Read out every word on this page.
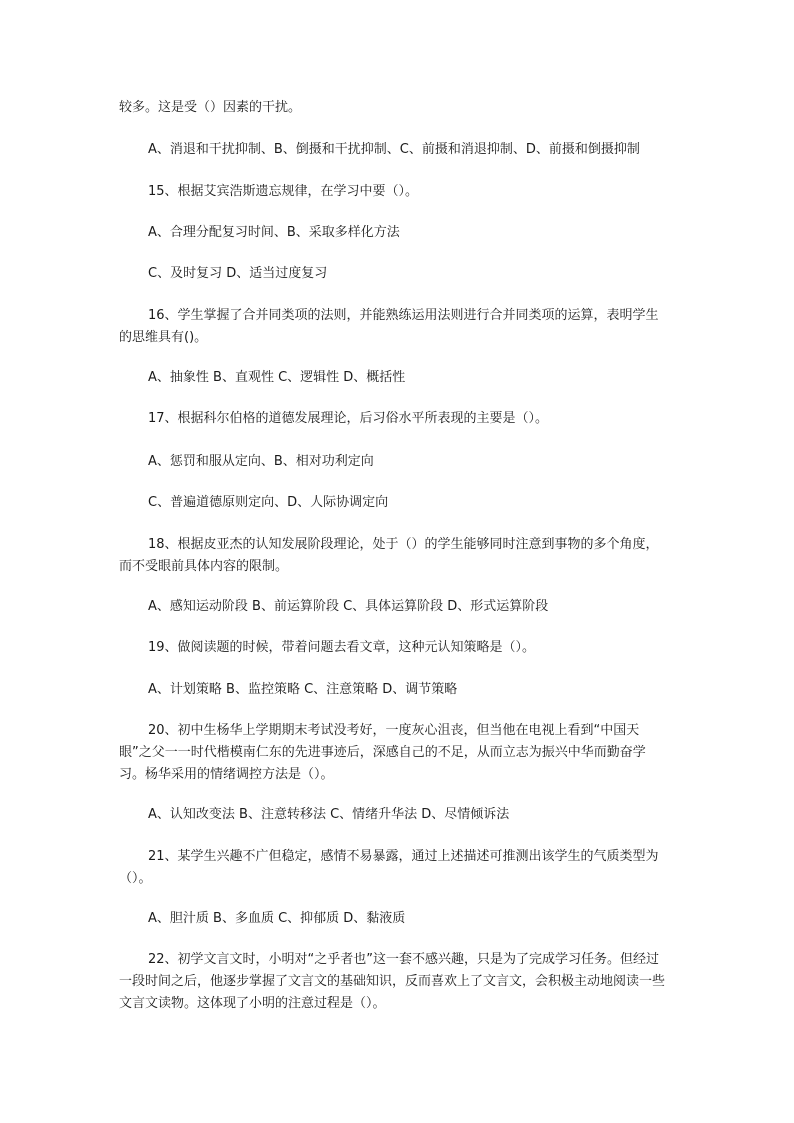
较多。这是受（）因素的干扰。
A、消退和干扰抑制、B、倒摄和干扰抑制、C、前摄和消退抑制、D、前摄和倒摄抑制
15、根据艾宾浩斯遗忘规律，在学习中要（）。
A、合理分配复习时间、B、采取多样化方法
C、及时复习 D、适当过度复习
16、学生掌握了合并同类项的法则，并能熟练运用法则进行合并同类项的运算，表明学生的思维具有()。
A、抽象性 B、直观性 C、逻辑性 D、概括性
17、根据科尔伯格的道德发展理论，后习俗水平所表现的主要是（）。
A、惩罚和服从定向、B、相对功利定向
C、普遍道德原则定向、D、人际协调定向
18、根据皮亚杰的认知发展阶段理论，处于（）的学生能够同时注意到事物的多个角度，而不受眼前具体内容的限制。
A、感知运动阶段 B、前运算阶段 C、具体运算阶段 D、形式运算阶段
19、做阅读题的时候，带着问题去看文章，这种元认知策略是（）。
A、计划策略 B、监控策略 C、注意策略 D、调节策略
20、初中生杨华上学期期末考试没考好，一度灰心沮丧，但当他在电视上看到“中国天眼”之父一一时代楷模南仁东的先进事迹后，深感自己的不足，从而立志为振兴中华而勤奋学习。杨华采用的情绪调控方法是（）。
A、认知改变法 B、注意转移法 C、情绪升华法 D、尽情倾诉法
21、某学生兴趣不广但稳定，感情不易暴露，通过上述描述可推测出该学生的气质类型为（）。
A、胆汁质 B、多血质 C、抑郁质 D、黏液质
22、初学文言文时，小明对“之乎者也”这一套不感兴趣，只是为了完成学习任务。但经过一段时间之后，他逐步掌握了文言文的基础知识，反而喜欢上了文言文，会积极主动地阅读一些文言文读物。这体现了小明的注意过程是（）。
